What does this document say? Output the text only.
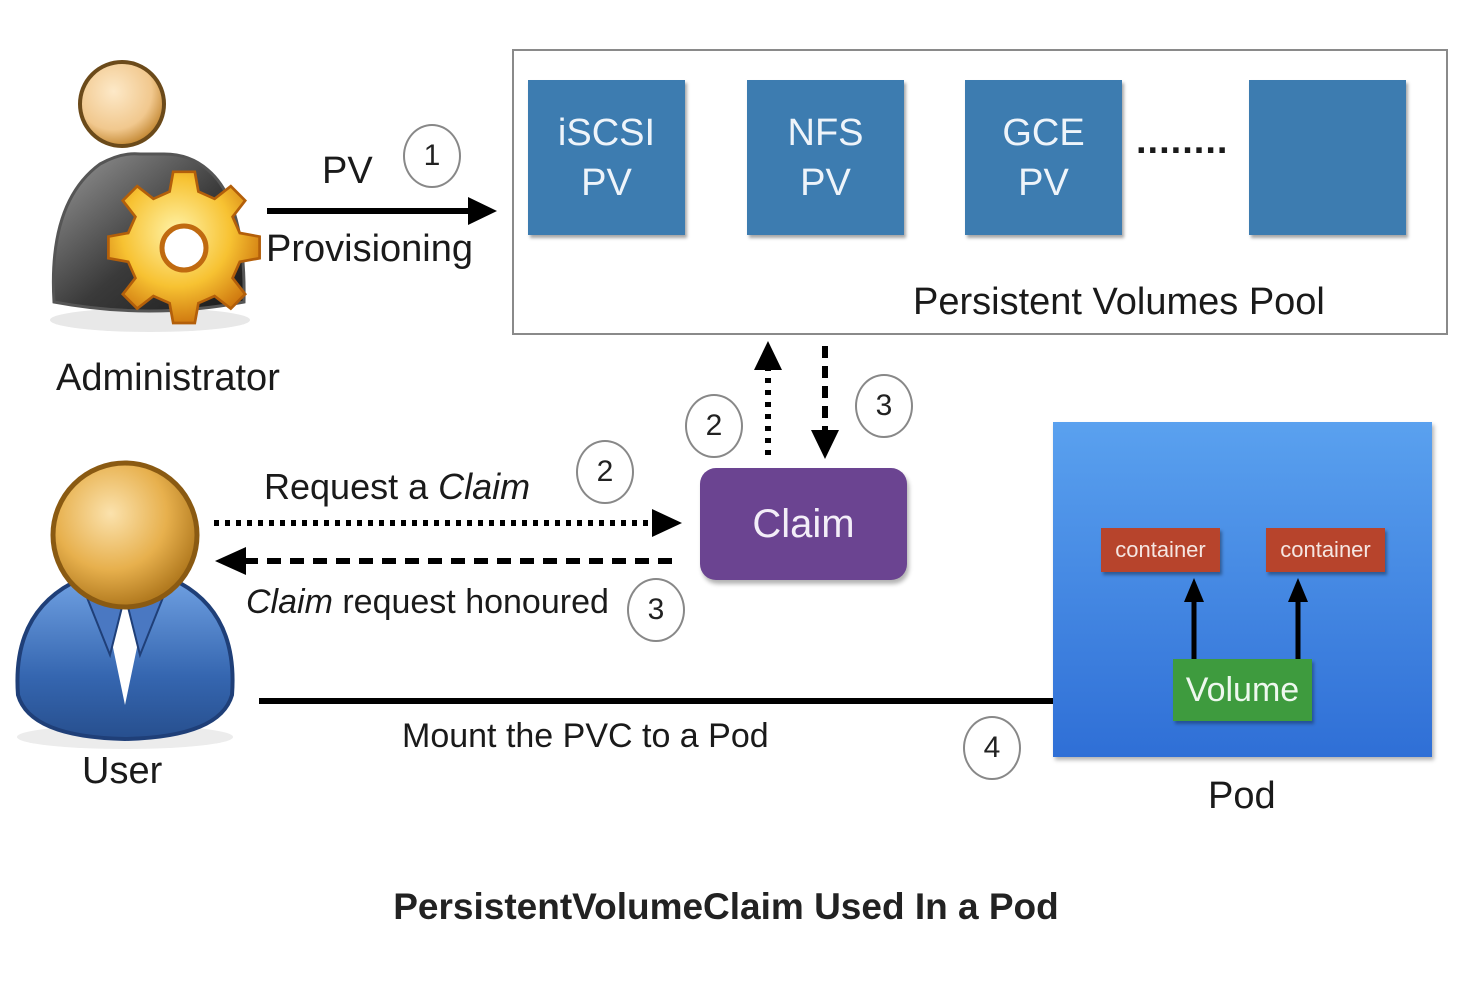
Administrator
User
PV
Provisioning
1
iSCSI
PV
NFS
PV
GCE
PV
........
Persistent Volumes Pool
Claim
2
3
Request a Claim	2
Claim request honoured	3
Mount the PVC to a Pod	4
container	container
Volume
Pod
PersistentVolumeClaim Used In a Pod
